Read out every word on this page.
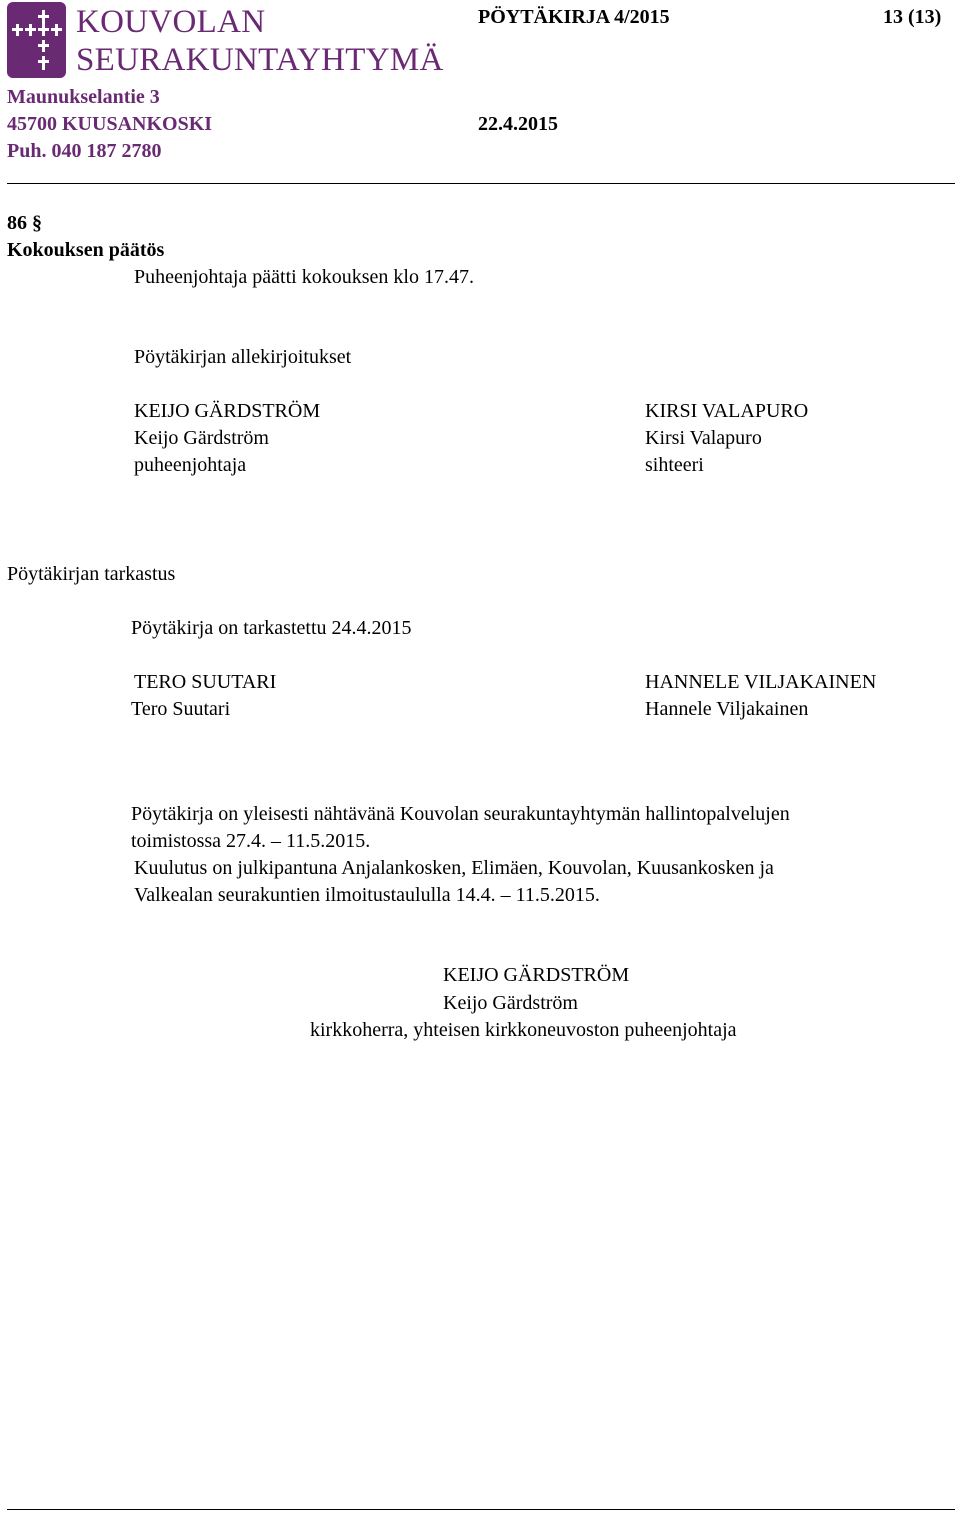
KOUVOLAN
SEURAKUNTAYHTYMÄ
PÖYTÄKIRJA 4/2015	13 (13)
Maunukselantie 3
45700 KUUSANKOSKI	22.4.2015
Puh. 040 187 2780
86 §
Kokouksen päätös
Puheenjohtaja päätti kokouksen klo 17.47.
Pöytäkirjan allekirjoitukset
KEIJO GÄRDSTRÖM
Keijo Gärdström
puheenjohtaja
KIRSI VALAPURO
Kirsi Valapuro
sihteeri
Pöytäkirjan tarkastus
Pöytäkirja on tarkastettu 24.4.2015
TERO SUUTARI
Tero Suutari
HANNELE VILJAKAINEN
Hannele Viljakainen
Pöytäkirja on yleisesti nähtävänä Kouvolan seurakuntayhtymän hallintopalvelujen
toimistossa 27.4. – 11.5.2015.
Kuulutus on julkipantuna Anjalankosken, Elimäen, Kouvolan, Kuusankosken ja
Valkealan seurakuntien ilmoitustaululla 14.4. – 11.5.2015.
KEIJO GÄRDSTRÖM
Keijo Gärdström
kirkkoherra, yhteisen kirkkoneuvoston puheenjohtaja
